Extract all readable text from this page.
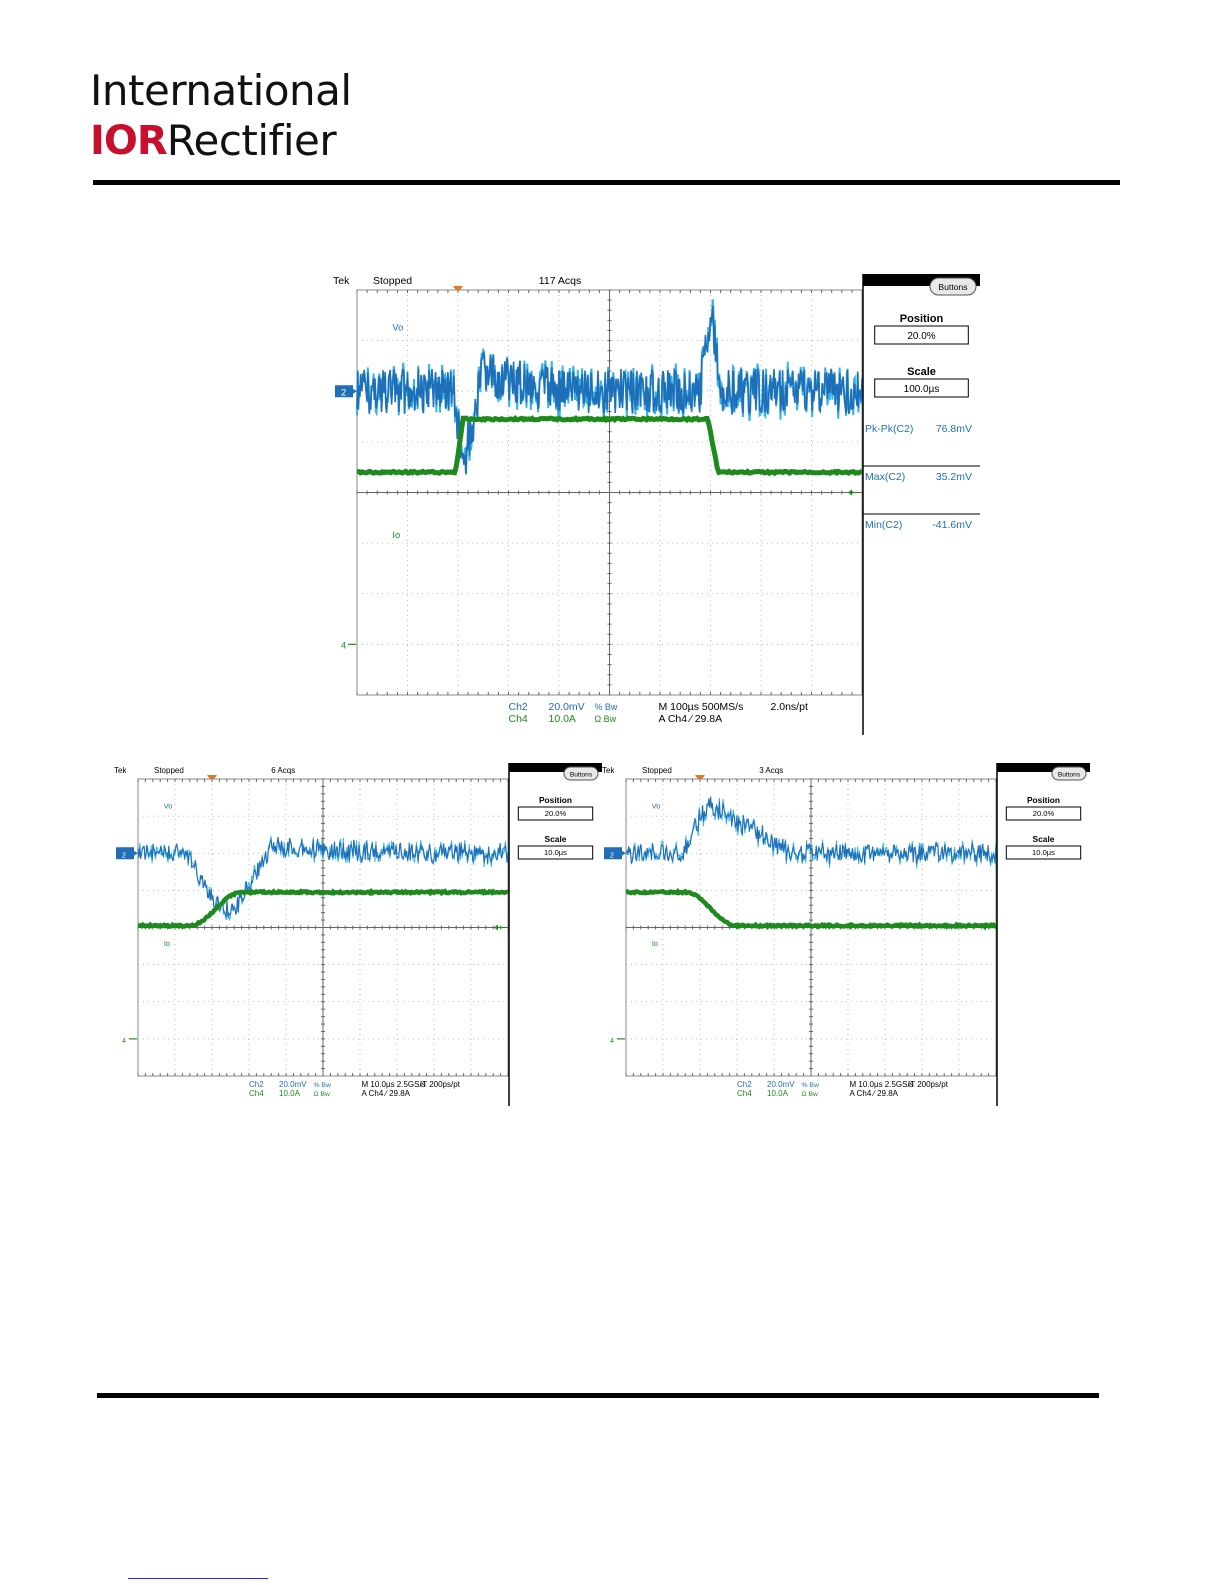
International
IORRectifier
Tek Stopped	117 Acqs
Vo
Io
2
4
Buttons
Position
20.0%
Scale
100.0µs
Pk-Pk(C2) 76.8mV
Max(C2)	35.2mV
Min(C2)	-41.6mV
Ch2 20.0mV % Bw
Ch4 10.0A Ω Bw
M 100µs 500MS/s	2.0ns/pt
A Ch4 ⁄ 29.8A
Tek	Stopped	6 Acqs
Vo
Io
2
4
Buttons
Position
20.0%
Scale
10.0µs
Ch2 20.0mV % Bw
Ch4 10.0A Ω Bw
M 10.0µs 2.5GS/s
IT 200ps/pt
A Ch4 ⁄ 29.8A
Tek	Stopped	3 Acqs
Vo
Io
2
4
Buttons
Position
20.0%
Scale
10.0µs
Ch2 20.0mV % Bw
Ch4 10.0A Ω Bw
M 10.0µs 2.5GS/s
IT 200ps/pt
A Ch4 ⁄ 29.8A
